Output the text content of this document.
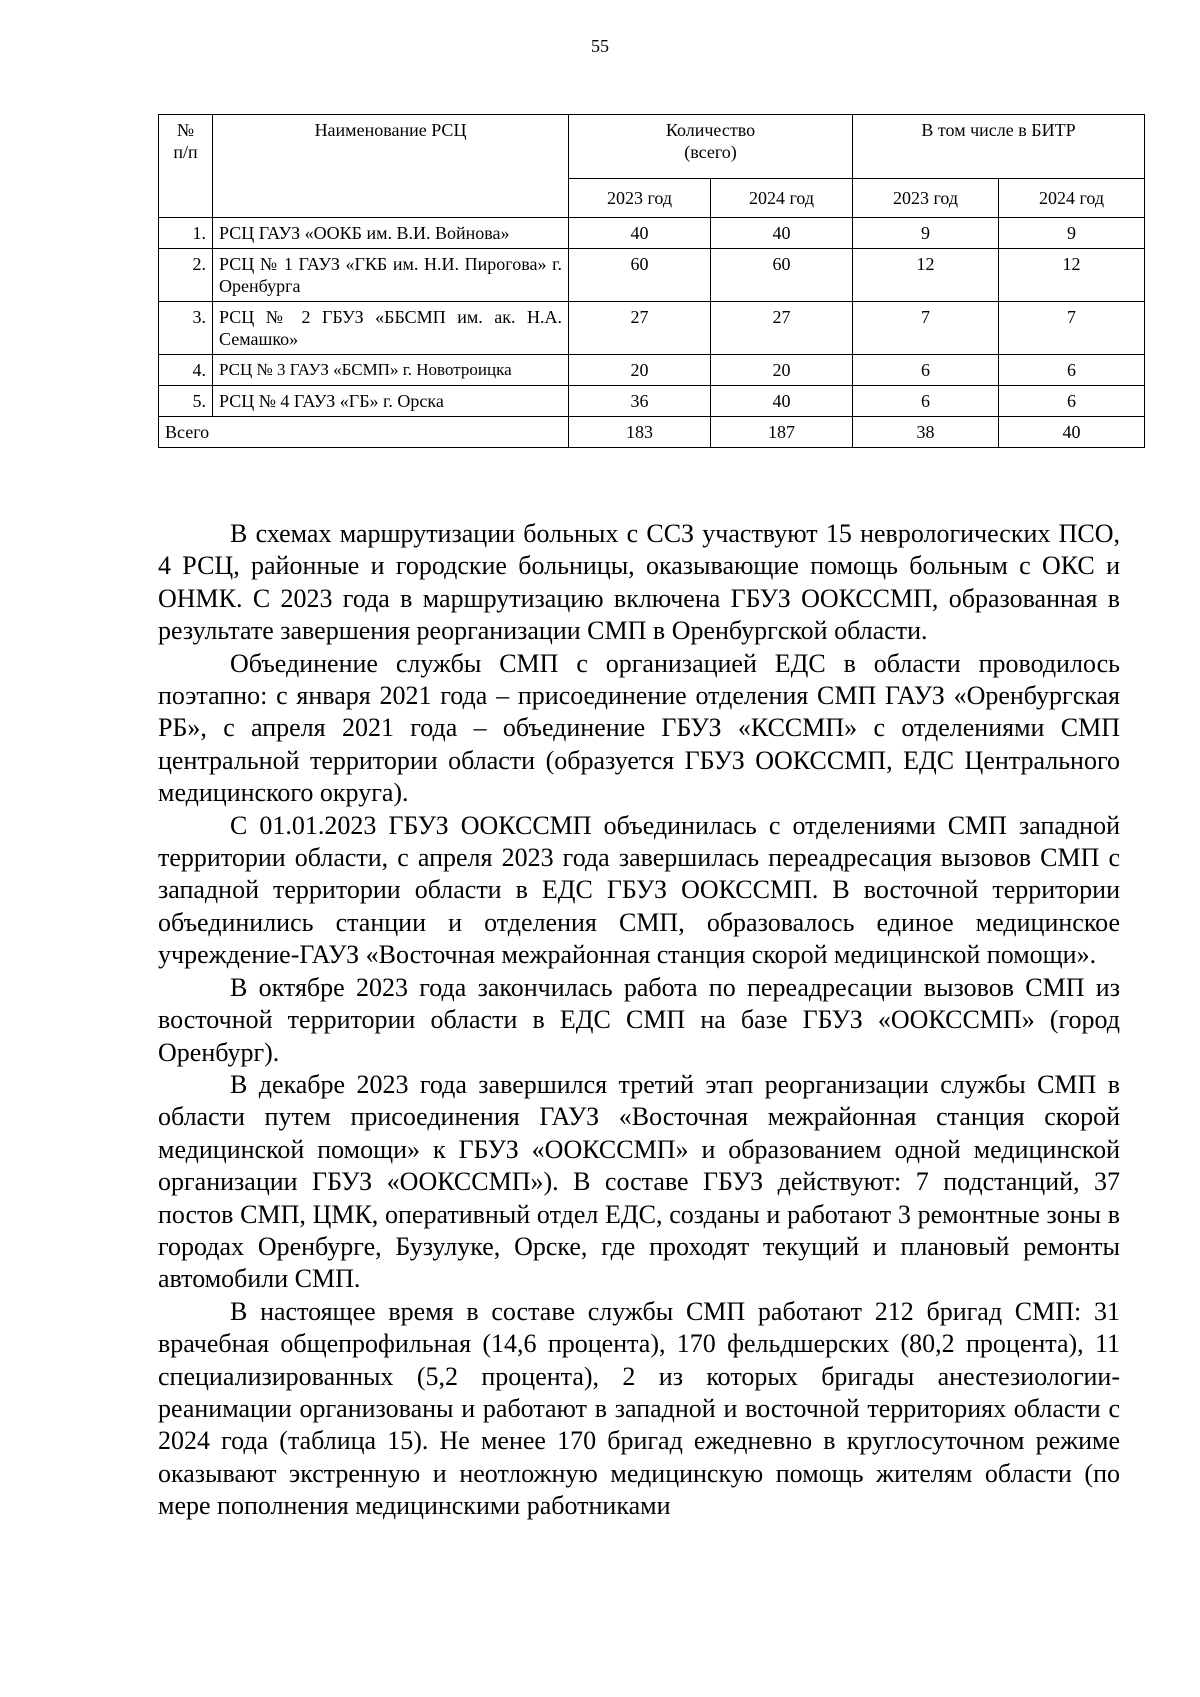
55
№
п/п	Наименование РСЦ	Количество
(всего)		В том числе в БИТР	
		2023 год	2024 год	2023 год	2024 год
1.	РСЦ ГАУЗ «ООКБ им. В.И. Войнова»	40	40	9	9
2.	РСЦ № 1 ГАУЗ «ГКБ им. Н.И. Пирогова» г. Оренбурга	60	60	12	12
3.	РСЦ № 2 ГБУЗ «ББСМП им. ак. Н.А. Семашко»	27	27	7	7
4.	РСЦ № 3 ГАУЗ «БСМП» г. Новотроицка	20	20	6	6
5.	РСЦ № 4 ГАУЗ «ГБ» г. Орска	36	40	6	6
Всего		183	187	38	40

В схемах маршрутизации больных с ССЗ участвуют 15 неврологических ПСО, 4 РСЦ, районные и городские больницы, оказывающие помощь больным с ОКС и ОНМК. С 2023 года в маршрутизацию включена ГБУЗ ООКССМП, образованная в результате завершения реорганизации СМП в Оренбургской области.

Объединение службы СМП с организацией ЕДС в области проводилось поэтапно: с января 2021 года – присоединение отделения СМП ГАУЗ «Оренбургская РБ», с апреля 2021 года – объединение ГБУЗ «КССМП» с отделениями СМП центральной территории области (образуется ГБУЗ ООКССМП, ЕДС Центрального медицинского округа).

С 01.01.2023 ГБУЗ ООКССМП объединилась с отделениями СМП западной территории области, с апреля 2023 года завершилась переадресация вызовов СМП с западной территории области в ЕДС ГБУЗ ООКССМП. В восточной территории объединились станции и отделения СМП, образовалось единое медицинское учреждение-ГАУЗ «Восточная межрайонная станция скорой медицинской помощи».

В октябре 2023 года закончилась работа по переадресации вызовов СМП из восточной территории области в ЕДС СМП на базе ГБУЗ «ООКССМП» (город Оренбург).

В декабре 2023 года завершился третий этап реорганизации службы СМП в области путем присоединения ГАУЗ «Восточная межрайонная станция скорой медицинской помощи» к ГБУЗ «ООКССМП» и образованием одной медицинской организации ГБУЗ «ООКССМП»). В составе ГБУЗ действуют: 7 подстанций, 37 постов СМП, ЦМК, оперативный отдел ЕДС, созданы и работают 3 ремонтные зоны в городах Оренбурге, Бузулуке, Орске, где проходят текущий и плановый ремонты автомобили СМП.

В настоящее время в составе службы СМП работают 212 бригад СМП: 31 врачебная общепрофильная (14,6 процента), 170 фельдшерских (80,2 процента), 11 специализированных (5,2 процента), 2 из которых бригады анестезиологии-реанимации организованы и работают в западной и восточной территориях области с 2024 года (таблица 15). Не менее 170 бригад ежедневно в круглосуточном режиме оказывают экстренную и неотложную медицинскую помощь жителям области (по мере пополнения медицинскими работниками
